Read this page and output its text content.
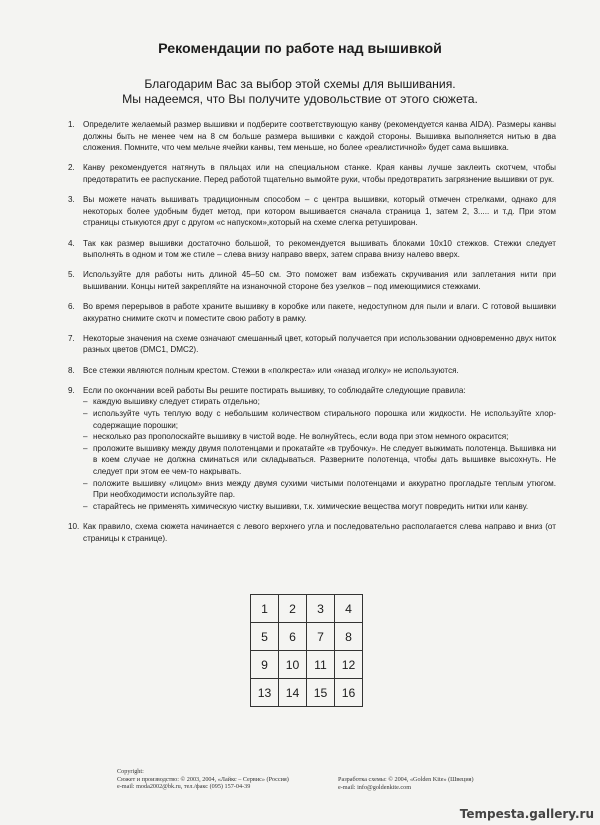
Рекомендации по работе над вышивкой
Благодарим Вас за выбор этой схемы для вышивания.
Мы надеемся, что Вы получите удовольствие от этого сюжета.
1. Определите желаемый размер вышивки и подберите соответствующую канву (рекомендуется канва AIDA). Размеры канвы должны быть не менее чем на 8 см больше размера вышивки с каждой стороны. Вышивка выполняется нитью в два сложения. Помните, что чем мельче ячейки канвы, тем меньше, но более «реалистичной» будет сама вышивка.

2. Канву рекомендуется натянуть в пяльцах или на специальном станке. Края канвы лучше заклеить скотчем, чтобы предотвратить ее распускание. Перед работой тщательно вымойте руки, чтобы предотвратить загрязнение вышивки от рук.

3. Вы можете начать вышивать традиционным способом – с центра вышивки, который отмечен стрелками, однако для некоторых более удобным будет метод, при котором вышивается сначала страница 1, затем 2, 3..... и т.д. При этом страницы стыкуются друг с другом «с напуском»,который на схеме слегка ретуширован.

4. Так как размер вышивки достаточно большой, то рекомендуется вышивать блоками 10х10 стежков. Стежки следует выполнять в одном и том же стиле – слева внизу направо вверх, затем справа внизу налево вверх.

5. Используйте для работы нить длиной 45–50 см. Это поможет вам избежать скручивания или заплетания нити при вышивании. Концы нитей закрепляйте на изнаночной стороне без узелков – под имеющимися стежками.

6. Во время перерывов в работе храните вышивку в коробке или пакете, недоступном для пыли и влаги. С готовой вышивки аккуратно снимите скотч и поместите свою работу в рамку.

7. Некоторые значения на схеме означают смешанный цвет, который получается при использовании одновременно двух ниток разных цветов (DMC1, DMC2).

8. Все стежки являются полным крестом. Стежки в «полкреста» или «назад иголку» не используются.

9. Если по окончании всей работы Вы решите постирать вышивку, то соблюдайте следующие правила:

– каждую вышивку следует стирать отдельно;
– используйте чуть теплую воду с небольшим количеством стирального порошка или жидкости. Не используйте хлор-содержащие порошки;
– несколько раз прополоскайте вышивку в чистой воде. Не волнуйтесь, если вода при этом немного окрасится;
– проложите вышивку между двумя полотенцами и прокатайте «в трубочку». Не следует выжимать полотенца. Вышивка ни в коем случае не должна сминаться или складываться. Разверните полотенца, чтобы дать вышивке высохнуть. Не следует при этом ее чем-то накрывать.
– положите вышивку «лицом» вниз между двумя сухими чистыми полотенцами и аккуратно прогладьте теплым утюгом. При необходимости используйте пар.
– старайтесь не применять химическую чистку вышивки, т.к. химические вещества могут повредить нитки или канву.
10. Как правило, схема сюжета начинается с левого верхнего угла и последовательно располагается слева направо и вниз (от страницы к странице).

1	2	3	4
5	6	7	8
9	10	11	12
13	14	15	16
Copyright:
Сюжет и производство: © 2003, 2004, «Лайкс – Сервис» (Россия)
e-mail: moda2002@bk.ru, тел./факс (095) 157-04-39
Разработка схемы: © 2004, «Golden Kite» (Швеция)
e-mail: info@goldenkite.com
Tempesta.gallery.ru
